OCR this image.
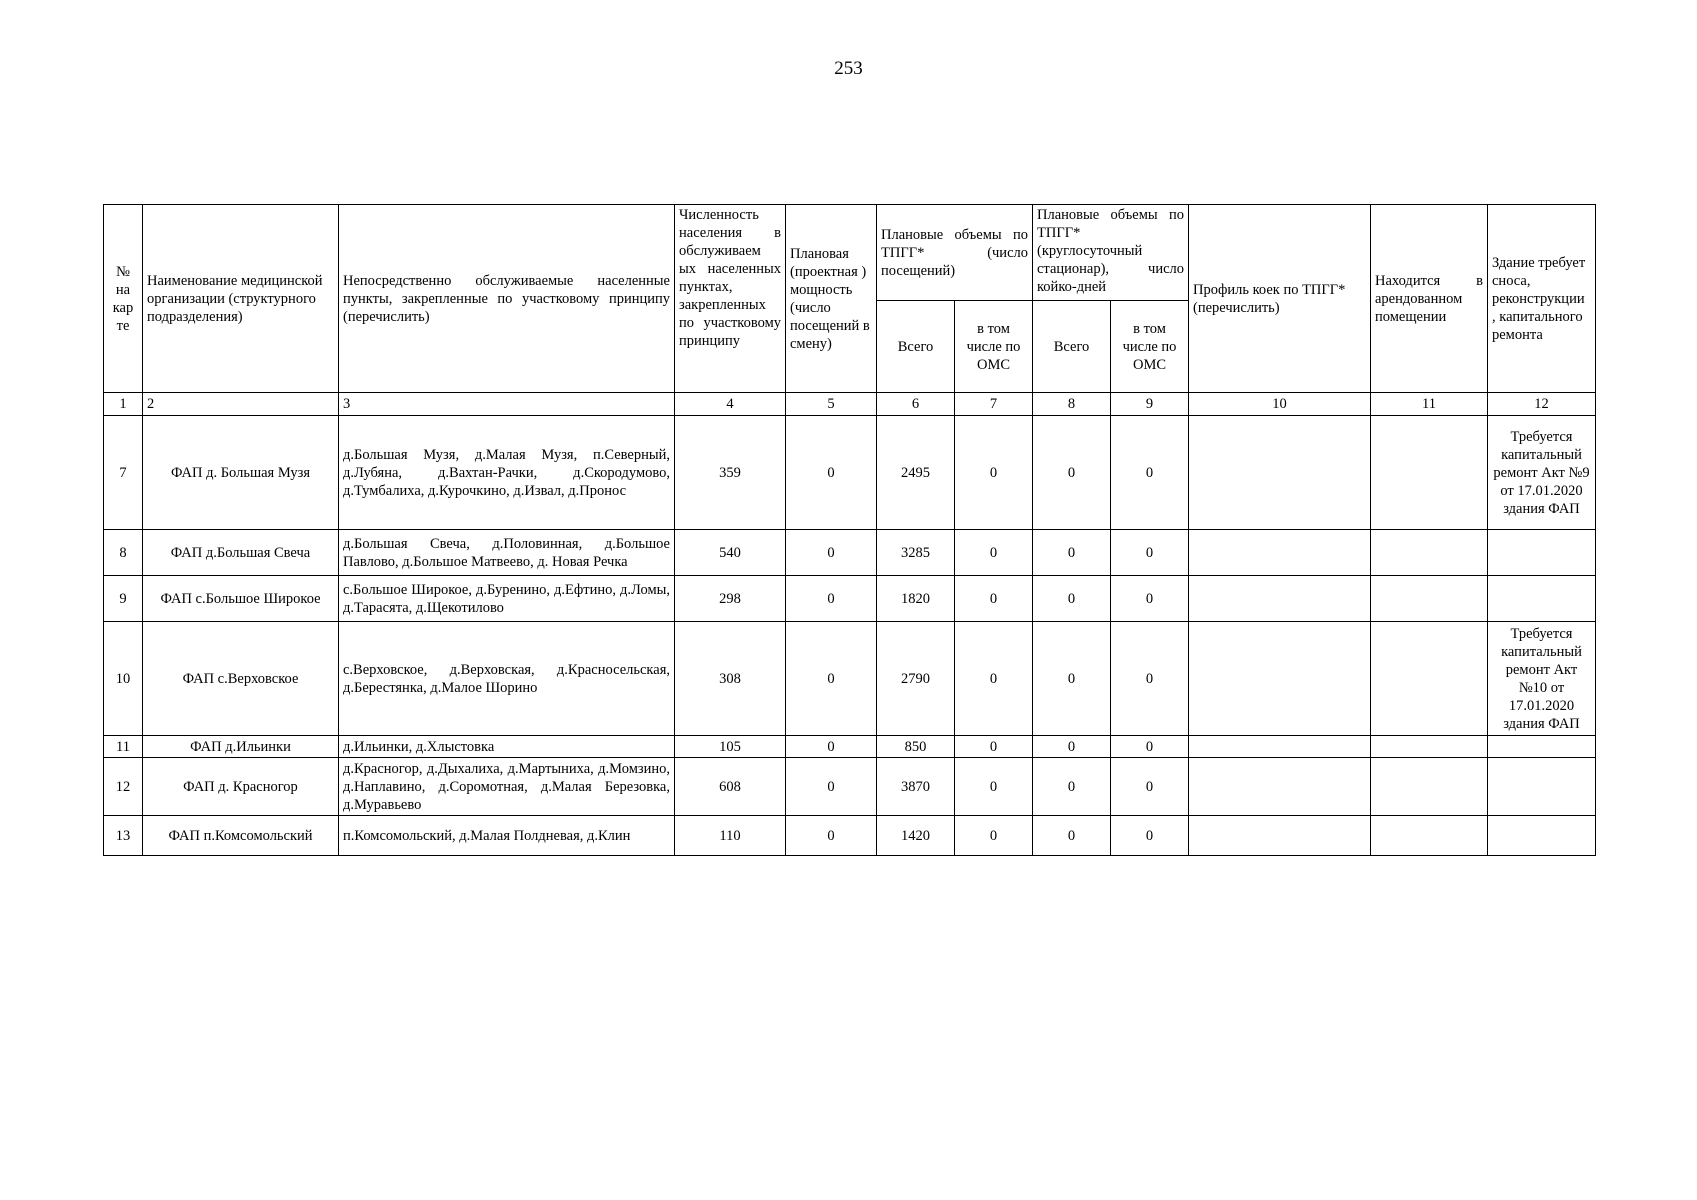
253
№ на кар те	Наименование медицинской организации (структурного подразделения)	Непосредственно обслуживаемые населенные пункты, закрепленные по участковому принципу (перечислить)	Численность населения в обслуживаем ых населенных пунктах, закрепленных по участковому принципу	Плановая (проектная ) мощность (число посещений в смену)	Плановые объемы по ТПГГ* (число посещений)		Плановые объемы по ТПГГ* (круглосуточный стационар), число койко-дней		Профиль коек по ТПГГ* (перечислить)	Находится в арендованном помещении	Здание требует сноса, реконструкции , капитального ремонта
					Всего	в том числе по ОМС	Всего	в том числе по ОМС			
1	2	3	4	5	6	7	8	9	10	11	12
7	ФАП д. Большая Музя	д.Большая Музя, д.Малая Музя, п.Северный, д.Лубяна, д.Вахтан-Рачки, д.Скородумово, д.Тумбалиха, д.Курочкино, д.Извал, д.Пронос	359	0	2495	0	0	0			Требуется капитальный ремонт Акт №9 от 17.01.2020 здания ФАП
8	ФАП д.Большая Свеча	д.Большая Свеча, д.Половинная, д.Большое Павлово, д.Большое Матвеево, д. Новая Речка	540	0	3285	0	0	0			
9	ФАП с.Большое Широкое	с.Большое Широкое, д.Буренино, д.Ефтино, д.Ломы, д.Тарасята, д.Щекотилово	298	0	1820	0	0	0			
10	ФАП с.Верховское	с.Верховское, д.Верховская, д.Красносельская, д.Берестянка, д.Малое Шорино	308	0	2790	0	0	0			Требуется капитальный ремонт Акт №10 от 17.01.2020 здания ФАП
11	ФАП д.Ильинки	д.Ильинки, д.Хлыстовка	105	0	850	0	0	0			
12	ФАП д. Красногор	д.Красногор, д.Дыхалиха, д.Мартыниха, д.Момзино, д.Наплавино, д.Соромотная, д.Малая Березовка, д.Муравьево	608	0	3870	0	0	0			
13	ФАП п.Комсомольский	п.Комсомольский, д.Малая Полдневая, д.Клин	110	0	1420	0	0	0			
